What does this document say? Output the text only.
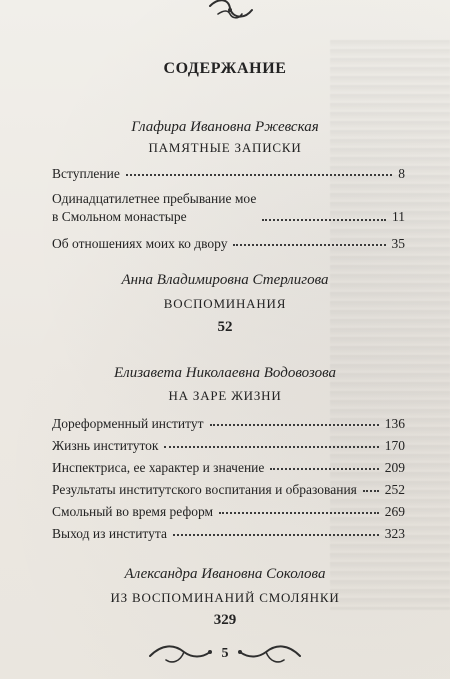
СОДЕРЖАНИЕ
Глафира Ивановна Ржевская
ПАМЯТНЫЕ ЗАПИСКИ
Вступление	8
Одинадцатилетнее пребывание мое
в Смольном монастыре	11
Об отношениях моих ко двору	35
Анна Владимировна Стерлигова
ВОСПОМИНАНИЯ
52
Елизавета Николаевна Водовозова
НА ЗАРЕ ЖИЗНИ
Дореформенный институт	136
Жизнь институток	170
Инспектриса, ее характер и значение	209
Результаты институтского воспитания и образования 252
Смольный во время реформ	269
Выход из института	323
Александра Ивановна Соколова
ИЗ ВОСПОМИНАНИЙ СМОЛЯНКИ
329
5
